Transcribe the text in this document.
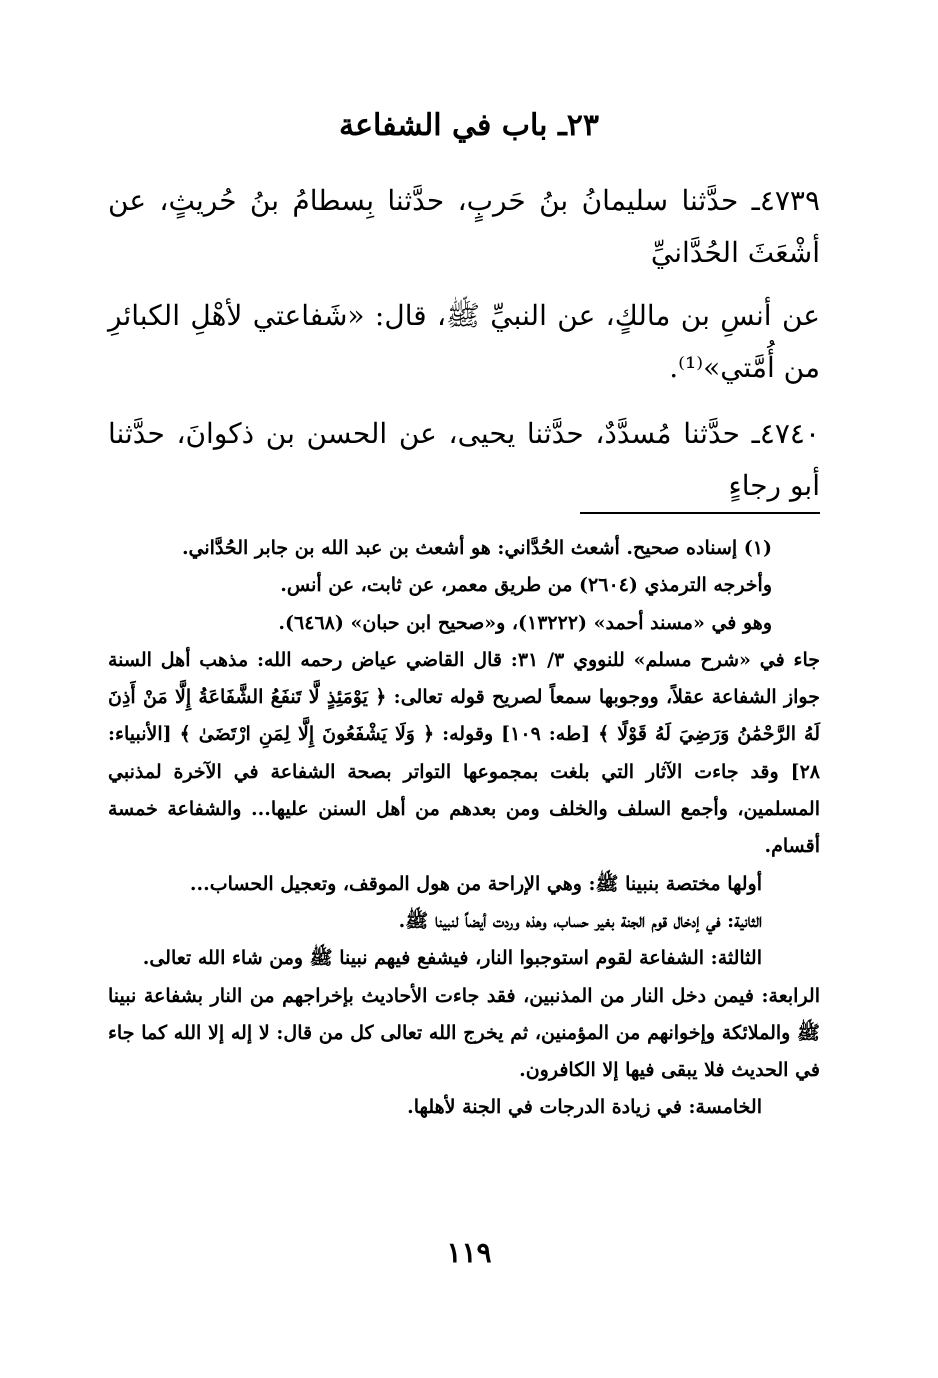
٢٣ـ باب في الشفاعة
٤٧٣٩ـ حدَّثنا سليمانُ بنُ حَربٍ، حدَّثنا بِسطامُ بنُ حُريثٍ، عن أشْعَثَ الحُدَّانيِّ
عن أنسِ بن مالكٍ، عن النبيِّ ﷺ، قال: «شَفاعتي لأهْلِ الكبائرِ من أُمَّتي»⁽¹⁾.
٤٧٤٠ـ حدَّثنا مُسدَّدٌ، حدَّثنا يحيى، عن الحسن بن ذكوانَ، حدَّثنا أبو رجاءٍ

(١) إسناده صحيح. أشعث الحُدَّاني: هو أشعث بن عبد الله بن جابر الحُدَّاني.

وأخرجه الترمذي (٢٦٠٤) من طريق معمر، عن ثابت، عن أنس.

وهو في «مسند أحمد» (١٣٢٢٢)، و«صحيح ابن حبان» (٦٤٦٨).

جاء في «شرح مسلم» للنووي ٣/ ٣١: قال القاضي عياض رحمه الله: مذهب أهل السنة جواز الشفاعة عقلاً، ووجوبها سمعاً لصريح قوله تعالى: ﴿ يَوْمَئِذٍ لَّا تَنفَعُ الشَّفَاعَةُ إِلَّا مَنْ أَذِنَ لَهُ الرَّحْمَٰنُ وَرَضِيَ لَهُ قَوْلًا ﴾ [طه: ١٠٩] وقوله: ﴿ وَلَا يَشْفَعُونَ إِلَّا لِمَنِ ارْتَضَىٰ ﴾ [الأنبياء: ٢٨] وقد جاءت الآثار التي بلغت بمجموعها التواتر بصحة الشفاعة في الآخرة لمذنبي المسلمين، وأجمع السلف والخلف ومن بعدهم من أهل السنن عليها... والشفاعة خمسة أقسام.

أولها مختصة بنبينا ﷺ: وهي الإراحة من هول الموقف، وتعجيل الحساب...

الثانية: في إدخال قوم الجنة بغير حساب، وهذه وردت أيضاً لنبينا ﷺ.

الثالثة: الشفاعة لقوم استوجبوا النار، فيشفع فيهم نبينا ﷺ ومن شاء الله تعالى.

الرابعة: فيمن دخل النار من المذنبين، فقد جاءت الأحاديث بإخراجهم من النار بشفاعة نبينا ﷺ والملائكة وإخوانهم من المؤمنين، ثم يخرج الله تعالى كل من قال: لا إله إلا الله كما جاء في الحديث فلا يبقى فيها إلا الكافرون.

الخامسة: في زيادة الدرجات في الجنة لأهلها.

١١٩
